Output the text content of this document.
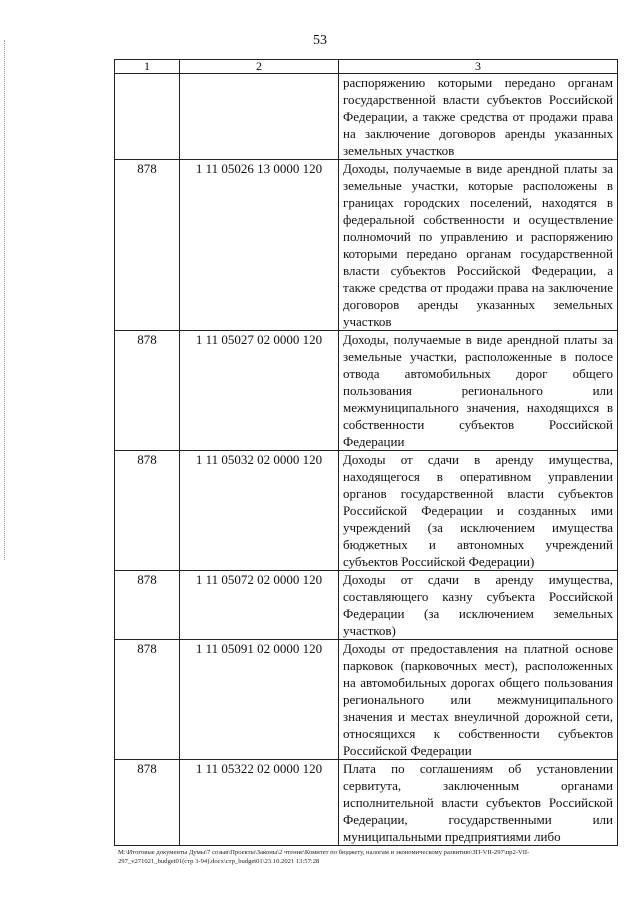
53
1	2	3
		распоряжению которыми передано органам государственной власти субъектов Российской Федерации, а также средства от продажи права на заключение договоров аренды указанных земельных участков
878	1 11 05026 13 0000 120	Доходы, получаемые в виде арендной платы за земельные участки, которые расположены в границах городских поселений, находятся в федеральной собственности и осуществление полномочий по управлению и распоряжению которыми передано органам государственной власти субъектов Российской Федерации, а также средства от продажи права на заключение договоров аренды указанных земельных участков
878	1 11 05027 02 0000 120	Доходы, получаемые в виде арендной платы за земельные участки, расположенные в полосе отвода автомобильных дорог общего пользования регионального или межмуниципального значения, находящихся в собственности субъектов Российской Федерации
878	1 11 05032 02 0000 120	Доходы от сдачи в аренду имущества, находящегося в оперативном управлении органов государственной власти субъектов Российской Федерации и созданных ими учреждений (за исключением имущества бюджетных и автономных учреждений субъектов Российской Федерации)
878	1 11 05072 02 0000 120	Доходы от сдачи в аренду имущества, составляющего казну субъекта Российской Федерации (за исключением земельных участков)
878	1 11 05091 02 0000 120	Доходы от предоставления на платной основе парковок (парковочных мест), расположенных на автомобильных дорогах общего пользования регионального или межмуниципального значения и местах внеуличной дорожной сети, относящихся к собственности субъектов Российской Федерации
878	1 11 05322 02 0000 120	Плата по соглашениям об установлении сервитута, заключенным органами исполнительной власти субъектов Российской Федерации, государственными или муниципальными предприятиями либо
M:\Итоговые документы Думы\7 созыв\Проекты\Законы\2 чтение\Комитет по бюджету, налогам и экономическому развитию\ЗП-VII-297\пр2-VII-
297_v271021_budget01(стр 3-94).docx\стр_budget01\23.10.2021 13:57:28
